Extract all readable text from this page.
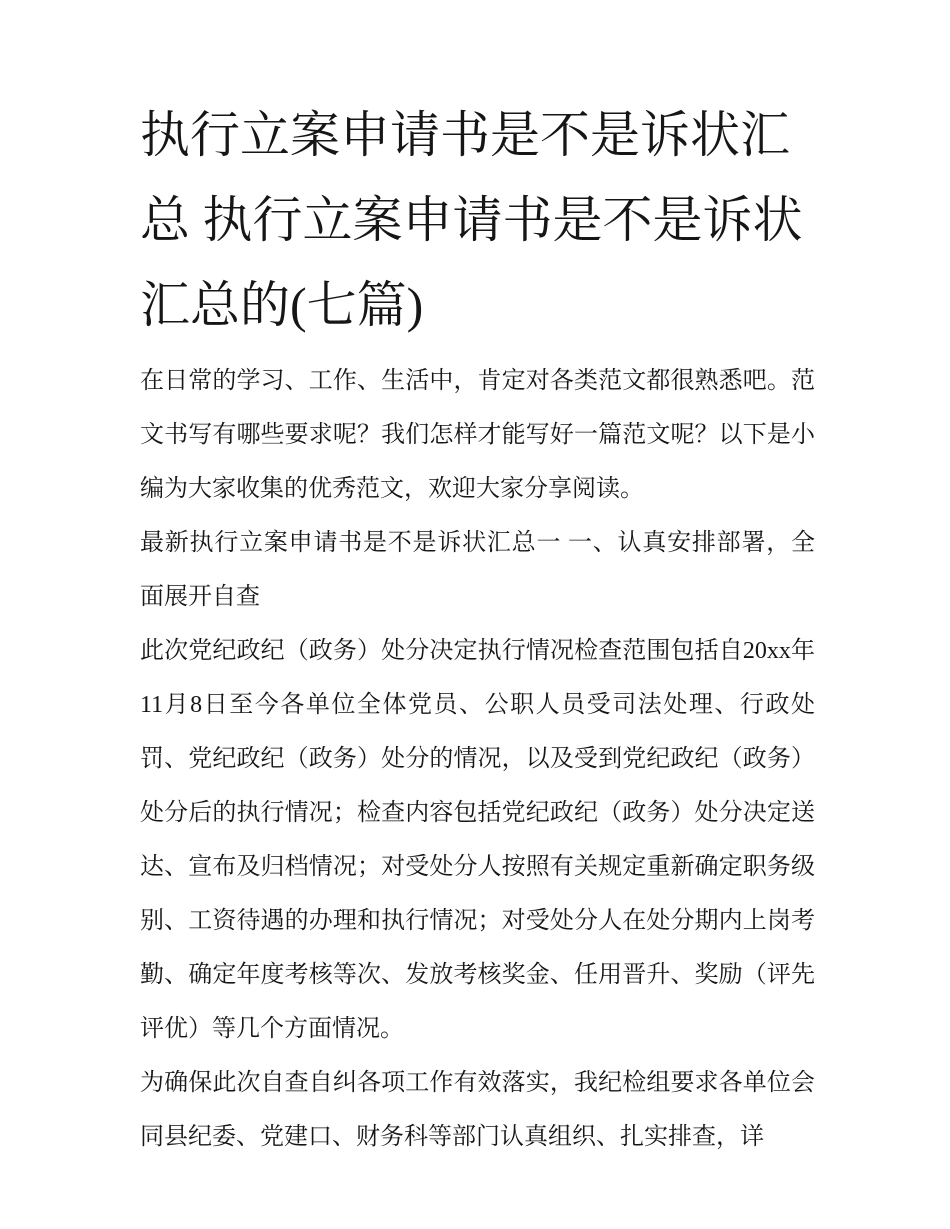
执行立案申请书是不是诉状汇总 执行立案申请书是不是诉状汇总的(七篇)

在日常的学习、工作、生活中，肯定对各类范文都很熟悉吧。范文书写有哪些要求呢？我们怎样才能写好一篇范文呢？以下是小编为大家收集的优秀范文，欢迎大家分享阅读。

最新执行立案申请书是不是诉状汇总一 一、认真安排部署，全面展开自查

此次党纪政纪（政务）处分决定执行情况检查范围包括自20xx年11月8日至今各单位全体党员、公职人员受司法处理、行政处罚、党纪政纪（政务）处分的情况，以及受到党纪政纪（政务）处分后的执行情况；检查内容包括党纪政纪（政务）处分决定送达、宣布及归档情况；对受处分人按照有关规定重新确定职务级别、工资待遇的办理和执行情况；对受处分人在处分期内上岗考勤、确定年度考核等次、发放考核奖金、任用晋升、奖励（评先评优）等几个方面情况。

为确保此次自查自纠各项工作有效落实，我纪检组要求各单位会同县纪委、党建口、财务科等部门认真组织、扎实排查，详
